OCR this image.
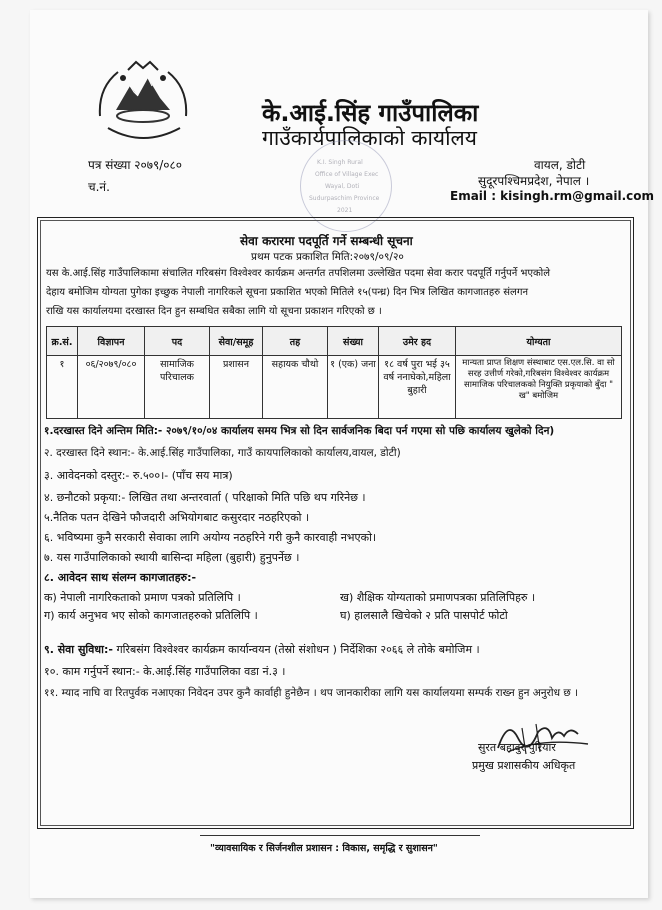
के.आई.सिंह गाउँपालिका
गाउँकार्यपालिकाको कार्यालय
पत्र संख्या २०७९/०८०
च.नं.
K.I. Singh Rural
Office of Village Exec
Wayal, Doti
Sudurpaschim Province
2021
वायल, डोटी
सुदूरपश्चिमप्रदेश, नेपाल ।
Email : kisingh.rm@gmail.com
सेवा करारमा पदपूर्ति गर्ने सम्बन्धी सूचना
प्रथम पटक प्रकाशित मिति:२०७९/०९/२०
यस के.आई.सिंह गाउँपालिकामा संचालित गरिबसंग विश्वेश्वर कार्यक्रम अन्तर्गत तपशिलमा उल्लेखित पदमा सेवा करार पदपूर्ति गर्नुपर्ने भएकोले
देहाय बमोजिम योग्यता पुगेका इच्छुक नेपाली नागरिकले सूचना प्रकाशित भएको मितिले १५(पन्ध्र) दिन भित्र लिखित कागजातहरु संलगन
राखि यस कार्यालयमा दरखास्त दिन हुन सम्बधित सबैका लागि यो सूचना प्रकाशन गरिएको छ ।
क्र.सं.	विज्ञापन	पद	सेवा/समूह	तह	संख्या	उमेर हद	योग्यता
१	०६/२०७९/०८०	सामाजिक परिचालक	प्रशासन	सहायक चौथो	१ (एक) जना	१८ वर्ष पुरा भई ३५ वर्ष ननाघेको,महिला बुहारी	मान्यता प्राप्त शिक्षण संस्थाबाट एस.एल.सि. वा सो सरह उत्तीर्ण गरेको,गरिबसंग विश्वेश्वर कार्यक्रम सामाजिक परिचालकको नियुक्ति प्रकृयाको बुँदा " ख" बमोजिम
१.दरखास्त दिने अन्तिम मिति:- २०७९/१०/०४ कार्यालय समय भित्र सो दिन सार्वजनिक बिदा पर्न गएमा सो पछि कार्यालय खुलेको दिन)
२. दरखास्त दिने स्थान:- के.आई.सिंह गाउँपालिका, गाउँ कायपालिकाको कार्यालय,वायल, डोटी)
३. आवेदनको दस्तुर:- रु.५००।- (पाँच सय मात्र)
४. छनौटको प्रकृया:- लिखित तथा अन्तरवार्ता ( परिक्षाको मिति पछि थप गरिनेछ ।
५.नैतिक पतन देखिने फौजदारी अभियोगबाट कसुरदार नठहरिएको ।
६. भविष्यमा कुनै सरकारी सेवाका लागि अयोग्य नठहरिने गरी कुनै कारवाही नभएको।
७. यस गाउँपालिकाको स्थायी बासिन्दा महिला (बुहारी) हुनुपर्नेछ ।
८. आवेदन साथ संलग्न कागजातहरु:-
क) नेपाली नागरिकताको प्रमाण पत्रको प्रतिलिपि ।	ख) शैक्षिक योग्यताको प्रमाणपत्रका प्रतिलिपिहरु ।
ग) कार्य अनुभव भए सोको कागजातहरुको प्रतिलिपि ।	घ) हालसालै खिचेको २ प्रति पासपोर्ट फोटो
९. सेवा सुविधा:- गरिबसंग विश्वेश्वर कार्यक्रम कार्यान्वयन (तेस्रो संशोधन ) निर्देशिका २०६६ ले तोके बमोजिम ।
१०. काम गर्नुपर्ने स्थान:- के.आई.सिंह गाउँपालिका वडा नं.३ ।
११. म्याद नाघि वा रितपुर्वक नआएका निवेदन उपर कुनै कार्वाही हुनेछैन । थप जानकारीका लागि यस कार्यालयमा सम्पर्क राख्न हुन अनुरोध छ ।
सुरत बहादुर पुरियार
प्रमुख प्रशासकीय अधिकृत
"व्यावसायिक र सिर्जनशील प्रशासन : विकास, समृद्धि र सुशासन"
